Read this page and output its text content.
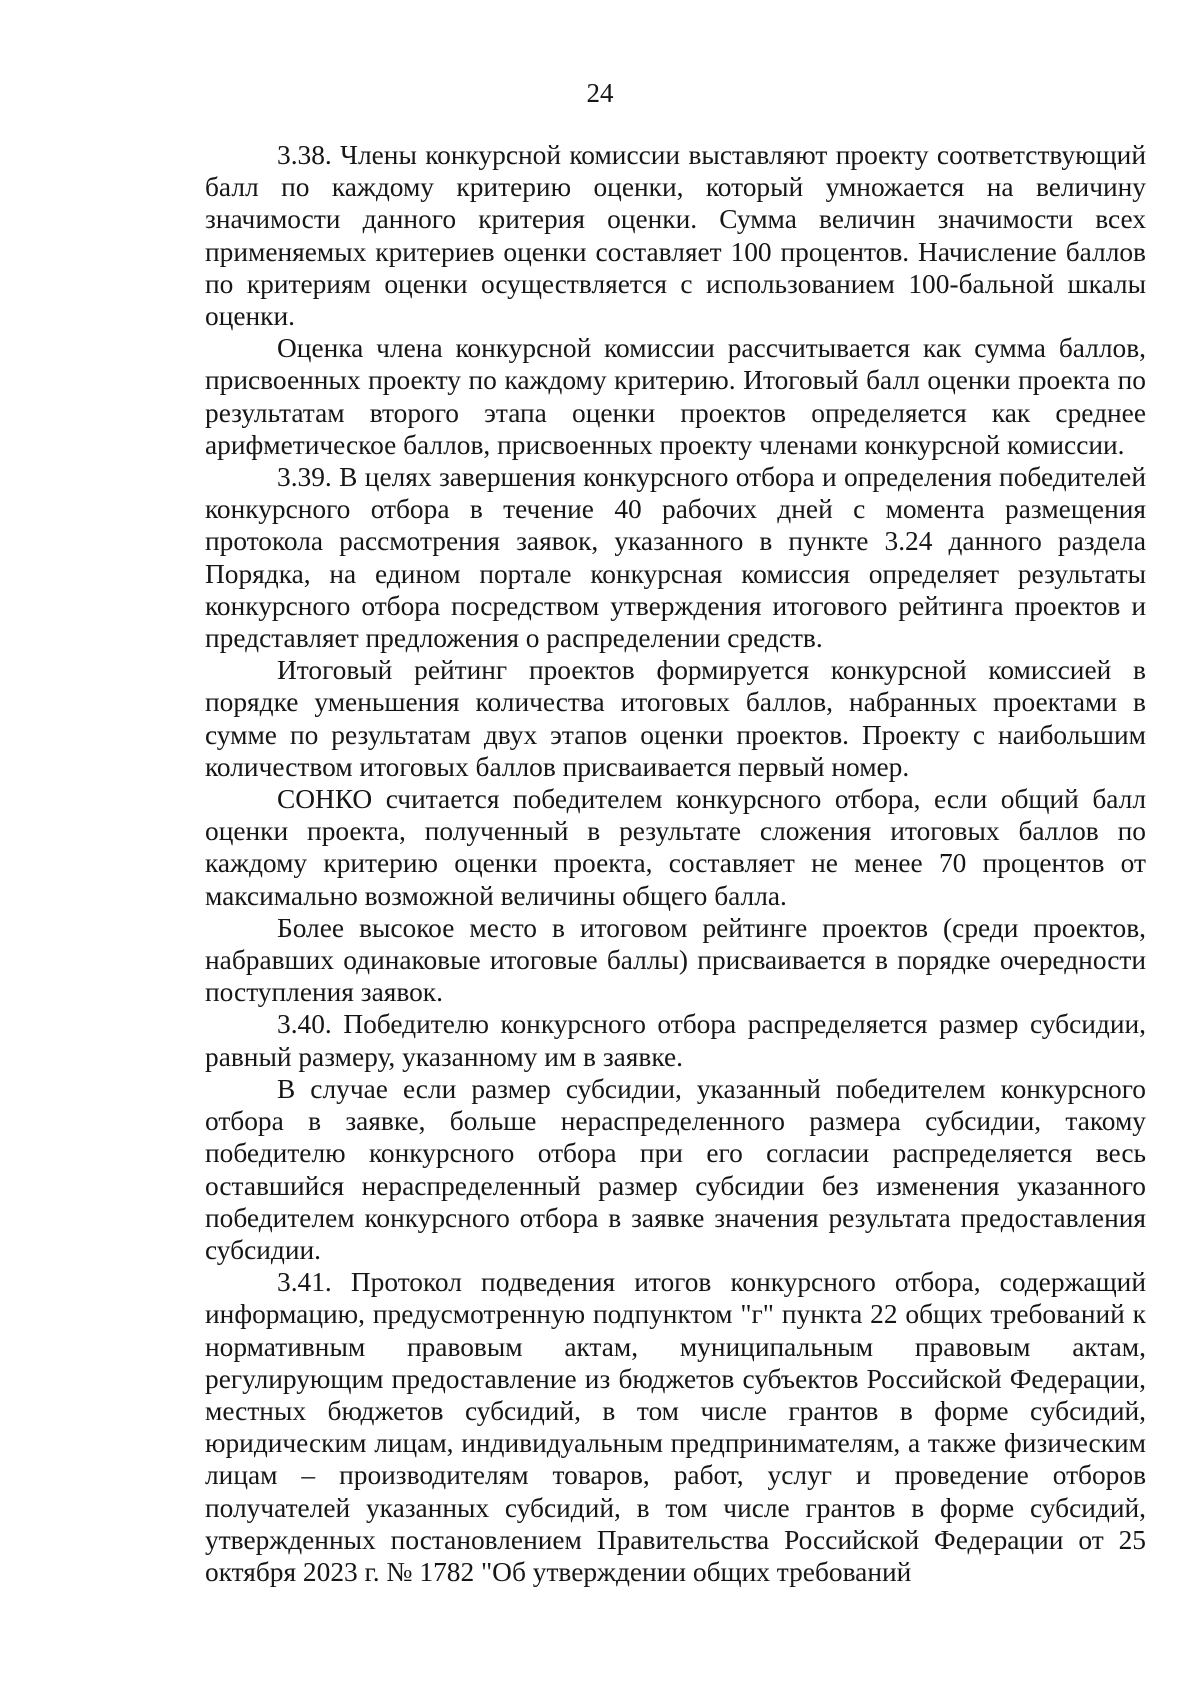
24

3.38. Члены конкурсной комиссии выставляют проекту соответствующий балл по каждому критерию оценки, который умножается на величину значимости данного критерия оценки. Сумма величин значимости всех применяемых критериев оценки составляет 100 процентов. Начисление баллов по критериям оценки осуществляется с использованием 100-бальной шкалы оценки.

Оценка члена конкурсной комиссии рассчитывается как сумма баллов, присвоенных проекту по каждому критерию. Итоговый балл оценки проекта по результатам второго этапа оценки проектов определяется как среднее арифметическое баллов, присвоенных проекту членами конкурсной комиссии.

3.39. В целях завершения конкурсного отбора и определения победителей конкурсного отбора в течение 40 рабочих дней с момента размещения протокола рассмотрения заявок, указанного в пункте 3.24 данного раздела Порядка, на едином портале конкурсная комиссия определяет результаты конкурсного отбора посредством утверждения итогового рейтинга проектов и представляет предложения о распределении средств.

Итоговый рейтинг проектов формируется конкурсной комиссией в порядке уменьшения количества итоговых баллов, набранных проектами в сумме по результатам двух этапов оценки проектов. Проекту с наибольшим количеством итоговых баллов присваивается первый номер.

СОНКО считается победителем конкурсного отбора, если общий балл оценки проекта, полученный в результате сложения итоговых баллов по каждому критерию оценки проекта, составляет не менее 70 процентов от максимально возможной величины общего балла.

Более высокое место в итоговом рейтинге проектов (среди проектов, набравших одинаковые итоговые баллы) присваивается в порядке очередности поступления заявок.

3.40. Победителю конкурсного отбора распределяется размер субсидии, равный размеру, указанному им в заявке.

В случае если размер субсидии, указанный победителем конкурсного отбора в заявке, больше нераспределенного размера субсидии, такому победителю конкурсного отбора при его согласии распределяется весь оставшийся нераспределенный размер субсидии без изменения указанного победителем конкурсного отбора в заявке значения результата предоставления субсидии.

3.41. Протокол подведения итогов конкурсного отбора, содержащий информацию, предусмотренную подпунктом "г" пункта 22 общих требований к нормативным правовым актам, муниципальным правовым актам, регулирующим предоставление из бюджетов субъектов Российской Федерации, местных бюджетов субсидий, в том числе грантов в форме субсидий, юридическим лицам, индивидуальным предпринимателям, а также физическим лицам – производителям товаров, работ, услуг и проведение отборов получателей указанных субсидий, в том числе грантов в форме субсидий, утвержденных постановлением Правительства Российской Федерации от 25 октября 2023 г. № 1782 "Об утверждении общих требований
